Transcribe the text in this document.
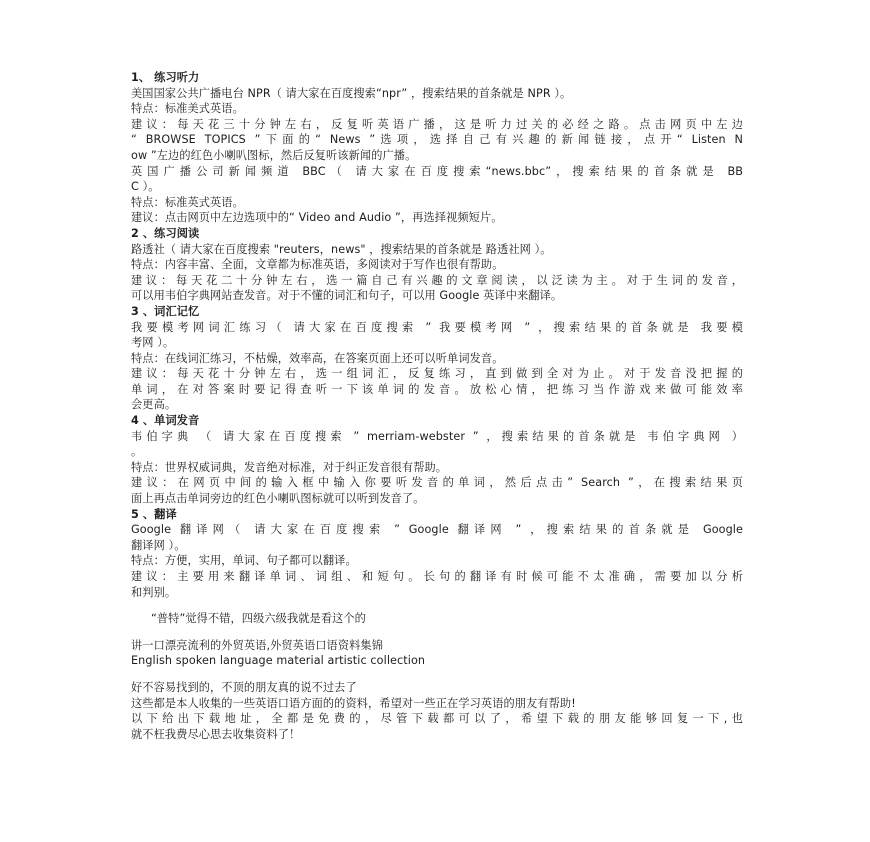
1、 练习听力
美国国家公共广播电台 NPR（ 请大家在百度搜索“npr” ，搜索结果的首条就是 NPR ）。
特点：标准美式英语。
建议：每天花三十分钟左右，反复听英语广播，这是听力过关的必经之路。点击网页中左边
“ BROWSE TOPICS ”下面的“ News ”选项，选择自己有兴趣的新闻链接，点开“ Listen N
ow ”左边的红色小喇叭图标，然后反复听该新闻的广播。
英国广播公司新闻频道 BBC（ 请大家在百度搜索“news.bbc”，搜索结果的首条就是 BB
C ）。
特点：标准英式英语。
建议：点击网页中左边选项中的“ Video and Audio ”，再选择视频短片。
2 、练习阅读
路透社（ 请大家在百度搜索 "reuters，news" ，搜索结果的首条就是 路透社网 ）。
特点：内容丰富、全面，文章都为标准英语，多阅读对于写作也很有帮助。
建议：每天花二十分钟左右，选一篇自己有兴趣的文章阅读，以泛读为主。对于生词的发音，
可以用韦伯字典网站查发音。对于不懂的词汇和句子，可以用 Google 英译中来翻译。
3 、词汇记忆
我要模考网词汇练习（ 请大家在百度搜索 ” 我要模考网 ” ，搜索结果的首条就是 我要模
考网 ）。
特点：在线词汇练习，不枯燥，效率高，在答案页面上还可以听单词发音。
建议：每天花十分钟左右，选一组词汇，反复练习，直到做到全对为止。对于发音没把握的
单词，在对答案时要记得查听一下该单词的发音。放松心情，把练习当作游戏来做可能效率
会更高。
4 、单词发音
韦伯字典 （ 请大家在百度搜索 ” merriam-webster ” ，搜索结果的首条就是 韦伯字典网 ）
。
特点：世界权威词典，发音绝对标准，对于纠正发音很有帮助。
建议：在网页中间的输入框中输入你要听发音的单词，然后点击” Search ”，在搜索结果页
面上再点击单词旁边的红色小喇叭图标就可以听到发音了。
5 、翻译
Google 翻译网（ 请大家在百度搜索 ” Google 翻译网 ” ，搜索结果的首条就是 Google
翻译网 ）。
特点：方便，实用，单词、句子都可以翻译。
建议：主要用来翻译单词、词组、和短句。长句的翻译有时候可能不太准确，需要加以分析
和判别。
“普特”觉得不错，四级六级我就是看这个的
讲一口漂亮流利的外贸英语,外贸英语口语资料集锦
English spoken language material artistic collection
好不容易找到的，不顶的朋友真的说不过去了
这些都是本人收集的一些英语口语方面的的资料，希望对一些正在学习英语的朋友有帮助!
以下给出下载地址，全都是免费的，尽管下载都可以了，希望下载的朋友能够回复一下,也
就不枉我费尽心思去收集资料了！
